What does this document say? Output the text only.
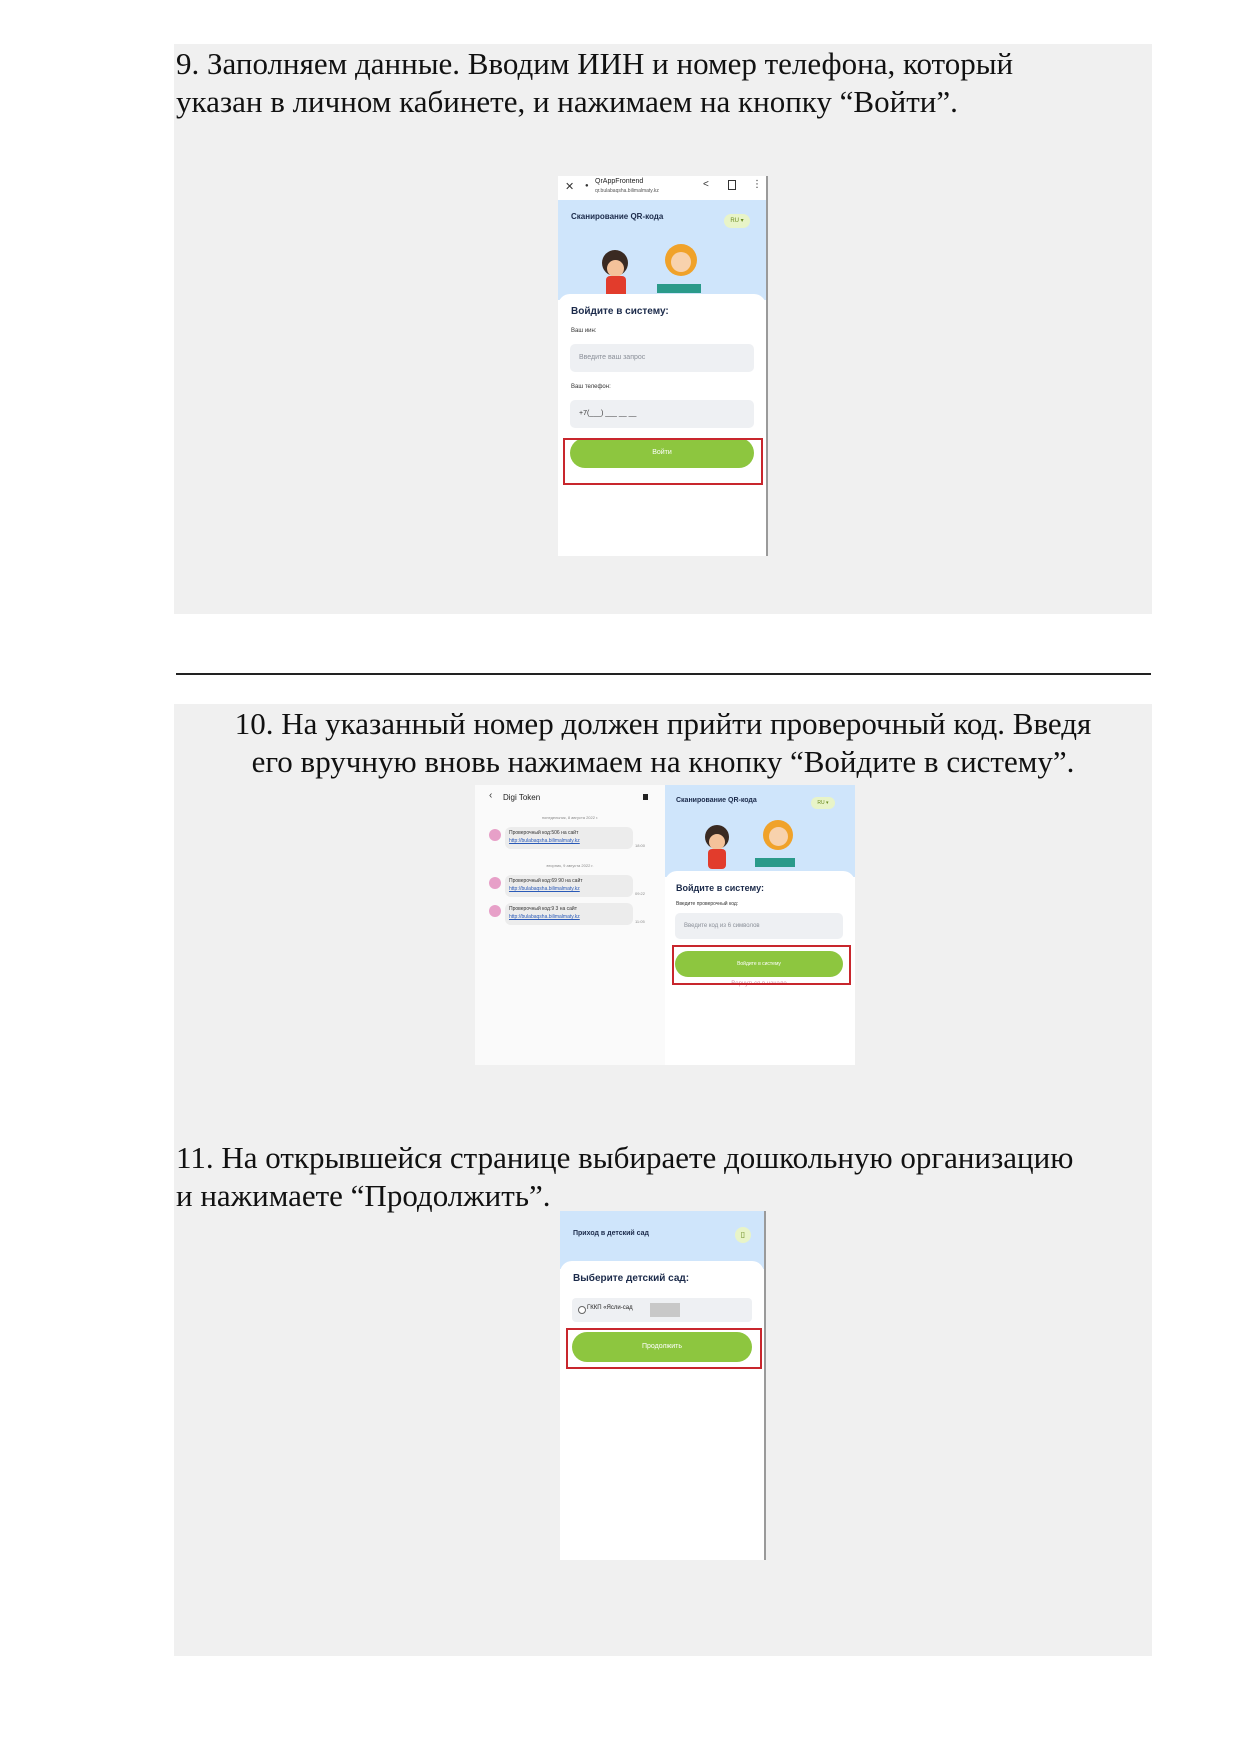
9. Заполняем данные. Вводим ИИН и номер телефона, который
указан в личном кабинете, и нажимаем на кнопку “Войти”.
✕ ●
QrAppFrontend
qr.bulabaqsha.bilimalmaty.kz
<	⋮
Сканирование QR-кода	RU ▾
Войдите в систему:
Ваш иин:
Введите ваш запрос
Ваш телефон:
+7(___) ___ __ __
Войти
10. На указанный номер должен прийти проверочный код. Введя
его вручную вновь нажимаем на кнопку “Войдите в систему”.
‹ Digi Token
понедельник, 8 августа 2022 г.
Проверочный код:506 на сайт
http://bulabaqsha.bilimalmaty.kz
18:00
вторник, 9 августа 2022 г.
Проверочный код:69 90 на сайт
http://bulabaqsha.bilimalmaty.kz
09:22
Проверочный код:9 3 на сайт
http://bulabaqsha.bilimalmaty.kz
11:05
Сканирование QR-кода	RU ▾
Войдите в систему:
Введите проверочный код:
Введите код из 6 символов
Войдите в систему
Вернуться в начало
11. На открывшейся странице выбираете дошкольную организацию
и нажимаете “Продолжить”.
Приход в детский сад	▯
Выберите детский сад:
ГККП «Ясли-сад
Продолжить
